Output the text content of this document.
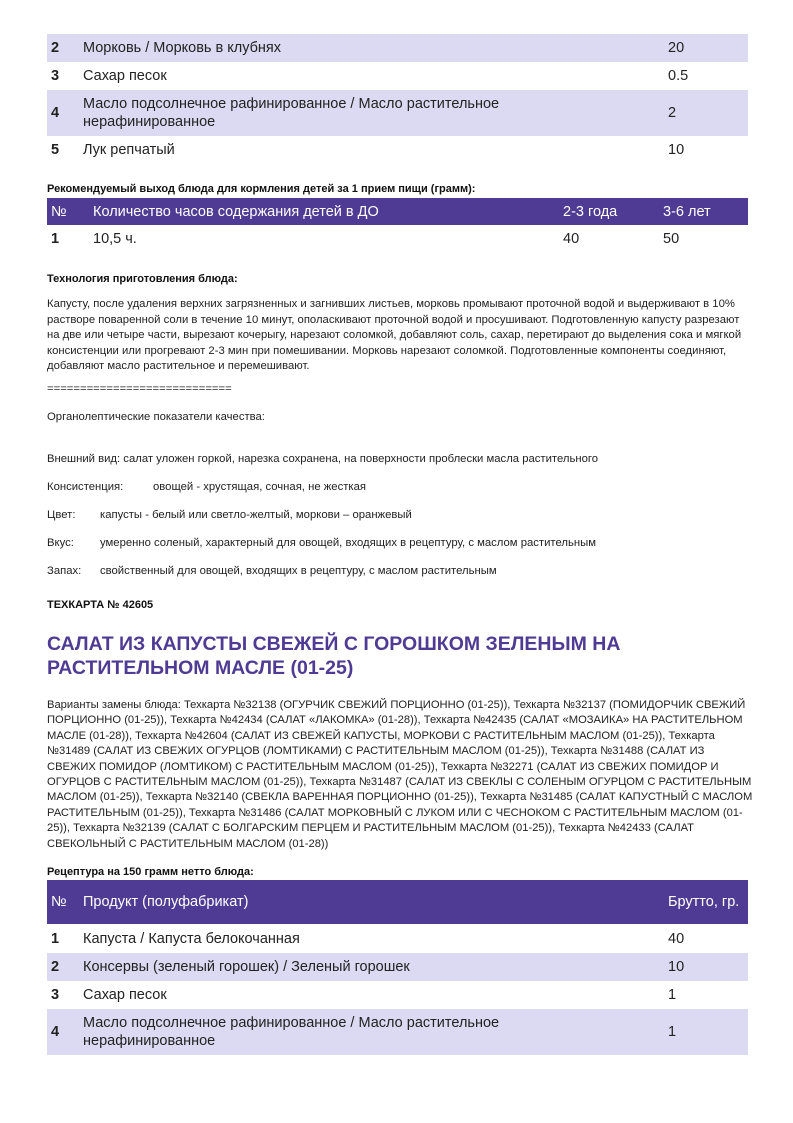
2	Морковь / Морковь в клубнях	20
3	Сахар песок	0.5
4	Масло подсолнечное рафинированное / Масло растительное нерафинированное	2
5	Лук репчатый	10
Рекомендуемый выход блюда для кормления детей за 1 прием пищи (грамм):
№	Количество часов содержания детей в ДО	2-3 года	3-6 лет
1	10,5 ч.	40	50
Технология приготовления блюда:
Капусту, после удаления верхних загрязненных и загнивших листьев, морковь промывают проточной водой и выдерживают в 10% растворе поваренной соли в течение 10 минут, ополаскивают проточной водой и просушивают. Подготовленную капусту разрезают на две или четыре части, вырезают кочерыгу, нарезают соломкой, добавляют соль, сахар, перетирают до выделения сока и мягкой консистенции или прогревают 2-3 мин при помешивании. Морковь нарезают соломкой. Подготовленные компоненты соединяют, добавляют масло растительное и перемешивают.
============================
Органолептические показатели качества:
Внешний вид: салат уложен горкой, нарезка сохранена, на поверхности проблески масла растительного
Консистенция:	овощей - хрустящая, сочная, не жесткая
Цвет: капусты - белый или светло-желтый, моркови – оранжевый
Вкус: умеренно соленый, характерный для овощей, входящих в рецептуру, с маслом растительным
Запах: свойственный для овощей, входящих в рецептуру, с маслом растительным
ТЕХКАРТА № 42605
САЛАТ ИЗ КАПУСТЫ СВЕЖЕЙ С ГОРОШКОМ ЗЕЛЕНЫМ НА
РАСТИТЕЛЬНОМ МАСЛЕ (01-25)
Варианты замены блюда: Техкарта №32138 (ОГУРЧИК СВЕЖИЙ ПОРЦИОННО (01-25)), Техкарта №32137 (ПОМИДОРЧИК СВЕЖИЙ ПОРЦИОННО (01-25)), Техкарта №42434 (САЛАТ «ЛАКОМКА» (01-28)), Техкарта №42435 (САЛАТ «МОЗАИКА» НА РАСТИТЕЛЬНОМ МАСЛЕ (01-28)), Техкарта №42604 (САЛАТ ИЗ СВЕЖЕЙ КАПУСТЫ, МОРКОВИ С РАСТИТЕЛЬНЫМ МАСЛОМ (01-25)), Техкарта №31489 (САЛАТ ИЗ СВЕЖИХ ОГУРЦОВ (ЛОМТИКАМИ) С РАСТИТЕЛЬНЫМ МАСЛОМ (01-25)), Техкарта №31488 (САЛАТ ИЗ СВЕЖИХ ПОМИДОР (ЛОМТИКОМ) С РАСТИТЕЛЬНЫМ МАСЛОМ (01-25)), Техкарта №32271 (САЛАТ ИЗ СВЕЖИХ ПОМИДОР И ОГУРЦОВ С РАСТИТЕЛЬНЫМ МАСЛОМ (01-25)), Техкарта №31487 (САЛАТ ИЗ СВЕКЛЫ С СОЛЕНЫМ ОГУРЦОМ С РАСТИТЕЛЬНЫМ МАСЛОМ (01-25)), Техкарта №32140 (СВЕКЛА ВАРЕННАЯ ПОРЦИОННО (01-25)), Техкарта №31485 (САЛАТ КАПУСТНЫЙ С МАСЛОМ РАСТИТЕЛЬНЫМ (01-25)), Техкарта №31486 (САЛАТ МОРКОВНЫЙ С ЛУКОМ ИЛИ С ЧЕСНОКОМ С РАСТИТЕЛЬНЫМ МАСЛОМ (01-25)), Техкарта №32139 (САЛАТ С БОЛГАРСКИМ ПЕРЦЕМ И РАСТИТЕЛЬНЫМ МАСЛОМ (01-25)), Техкарта №42433 (САЛАТ СВЕКОЛЬНЫЙ С РАСТИТЕЛЬНЫМ МАСЛОМ (01-28))
Рецептура на 150 грамм нетто блюда:
№	Продукт (полуфабрикат)	Брутто, гр.
1	Капуста / Капуста белокочанная	40
2	Консервы (зеленый горошек) / Зеленый горошек	10
3	Сахар песок	1
4	Масло подсолнечное рафинированное / Масло растительное нерафинированное	1
